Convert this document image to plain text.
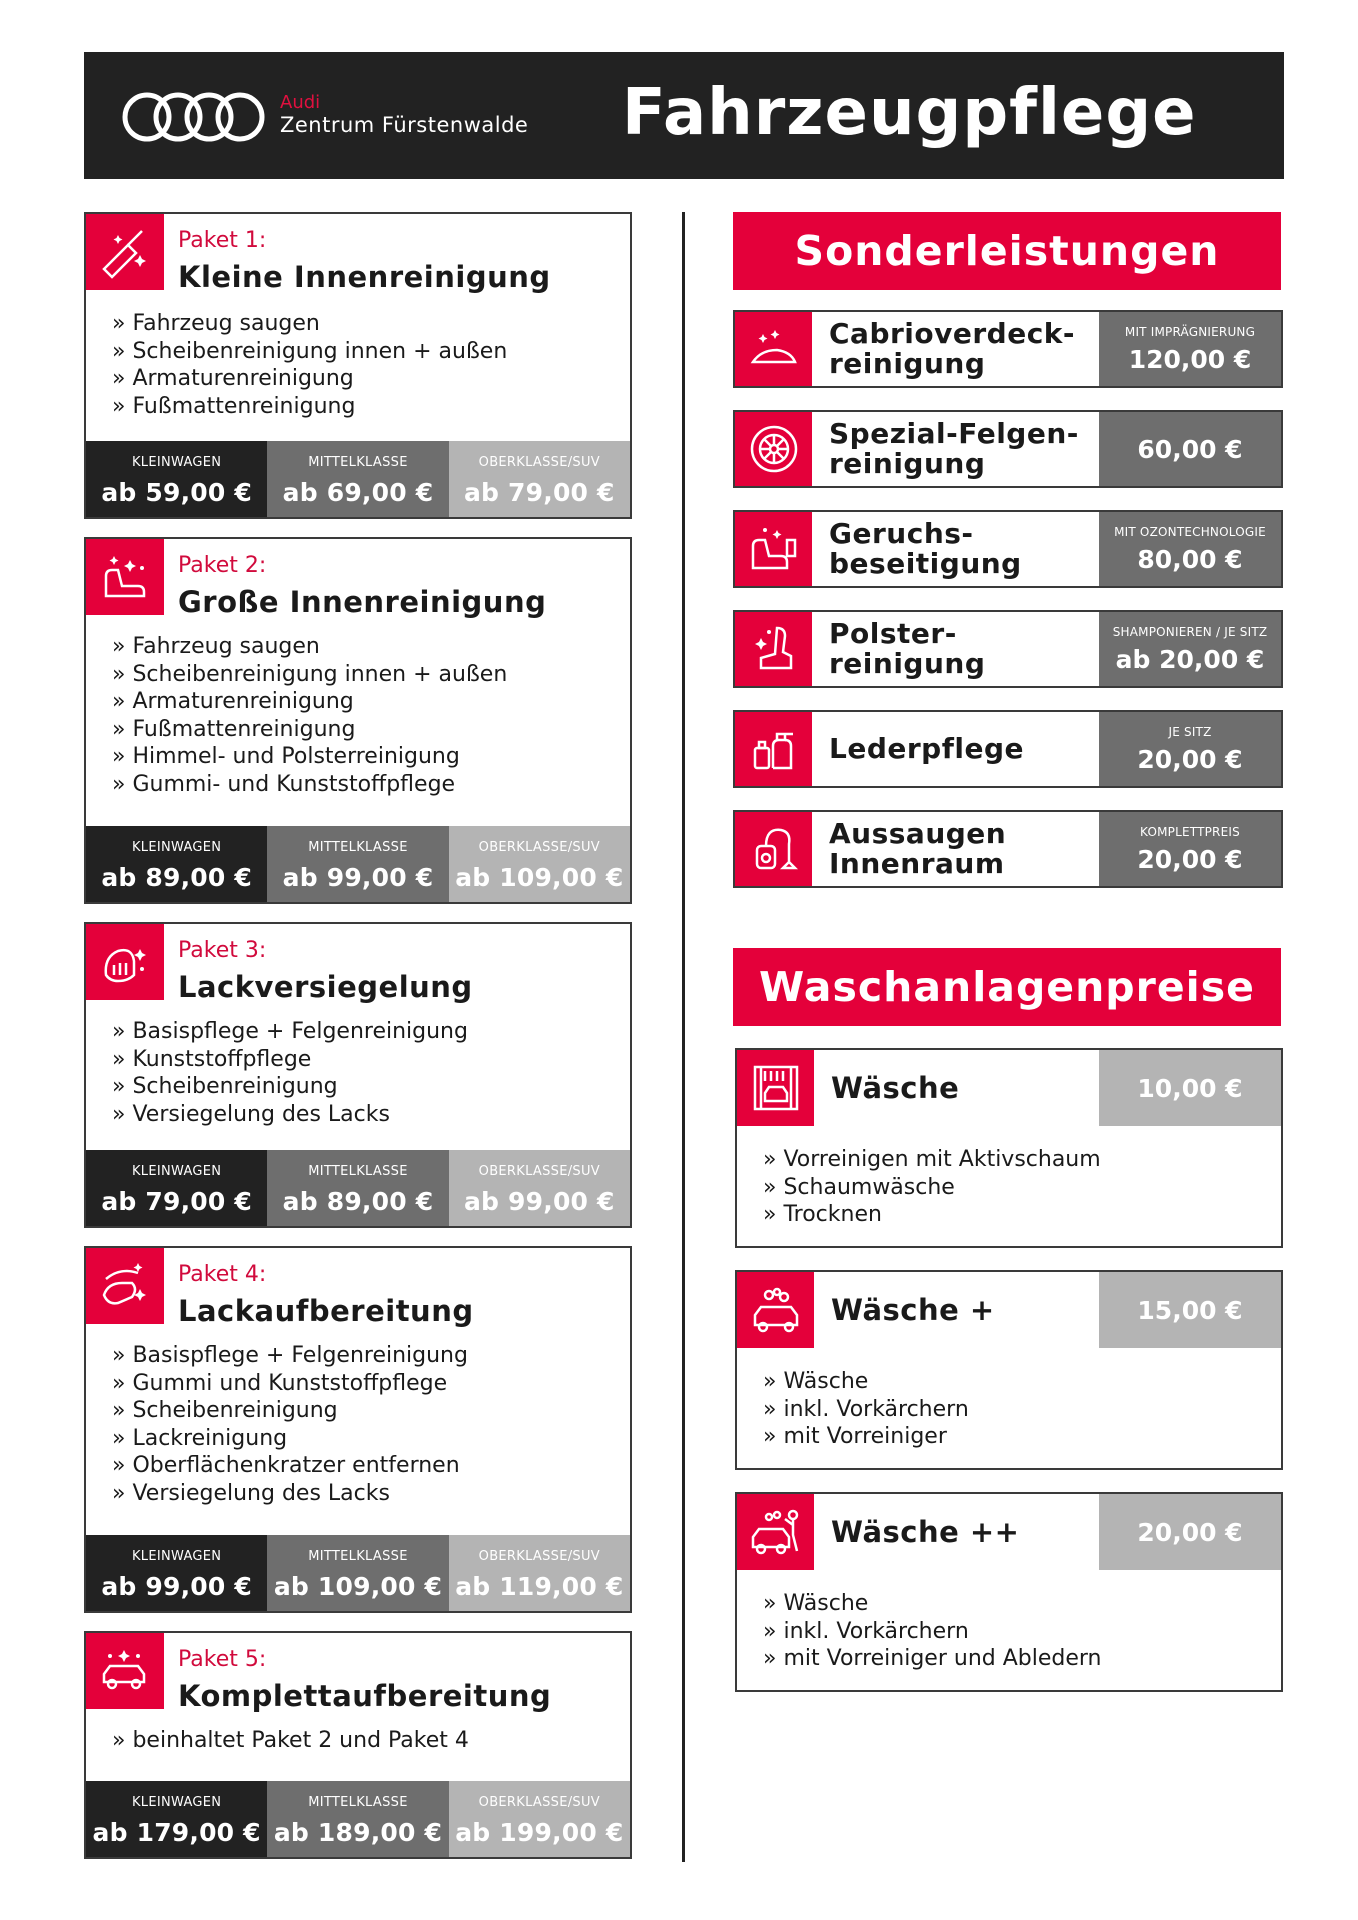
Audi
Zentrum Fürstenwalde Fahrzeugpflege
Paket 1:
Kleine Innenreinigung
» Fahrzeug saugen
» Scheibenreinigung innen + außen
» Armaturenreinigung
» Fußmattenreinigung
KLEINWAGEN
ab 59,00 €
MITTELKLASSE
ab 69,00 €
OBERKLASSE/SUV
ab 79,00 €
Paket 2:
Große Innenreinigung
» Fahrzeug saugen
» Scheibenreinigung innen + außen
» Armaturenreinigung
» Fußmattenreinigung
» Himmel- und Polsterreinigung
» Gummi- und Kunststoffpflege
KLEINWAGEN
ab 89,00 €
MITTELKLASSE
ab 99,00 €
OBERKLASSE/SUV
ab 109,00 €
Paket 3:
Lackversiegelung
» Basispflege + Felgenreinigung
» Kunststoffpflege
» Scheibenreinigung
» Versiegelung des Lacks
KLEINWAGEN
ab 79,00 €
MITTELKLASSE
ab 89,00 €
OBERKLASSE/SUV
ab 99,00 €
Paket 4:
Lackaufbereitung
» Basispflege + Felgenreinigung
» Gummi und Kunststoffpflege
» Scheibenreinigung
» Lackreinigung
» Oberflächenkratzer entfernen
» Versiegelung des Lacks
KLEINWAGEN
ab 99,00 €
MITTELKLASSE
ab 109,00 €
OBERKLASSE/SUV
ab 119,00 €
Paket 5:
Komplettaufbereitung
» beinhaltet Paket 2 und Paket 4
KLEINWAGEN
ab 179,00 €
MITTELKLASSE
ab 189,00 €
OBERKLASSE/SUV
ab 199,00 €
Sonderleistungen
Cabrioverdeck-
reinigung
MIT IMPRÄGNIERUNG
120,00 €
Spezial-Felgen-
reinigung	60,00 €
Geruchs-
beseitigung
MIT OZONTECHNOLOGIE
80,00 €
Polster-
reinigung
SHAMPONIEREN / JE SITZ
ab 20,00 €
Lederpflege
JE SITZ
20,00 €
Aussaugen
Innenraum
KOMPLETTPREIS
20,00 €
Waschanlagenpreise
Wäsche	10,00 €
» Vorreinigen mit Aktivschaum
» Schaumwäsche
» Trocknen
Wäsche +	15,00 €
» Wäsche
» inkl. Vorkärchern
» mit Vorreiniger
Wäsche ++	20,00 €
» Wäsche
» inkl. Vorkärchern
» mit Vorreiniger und Abledern
